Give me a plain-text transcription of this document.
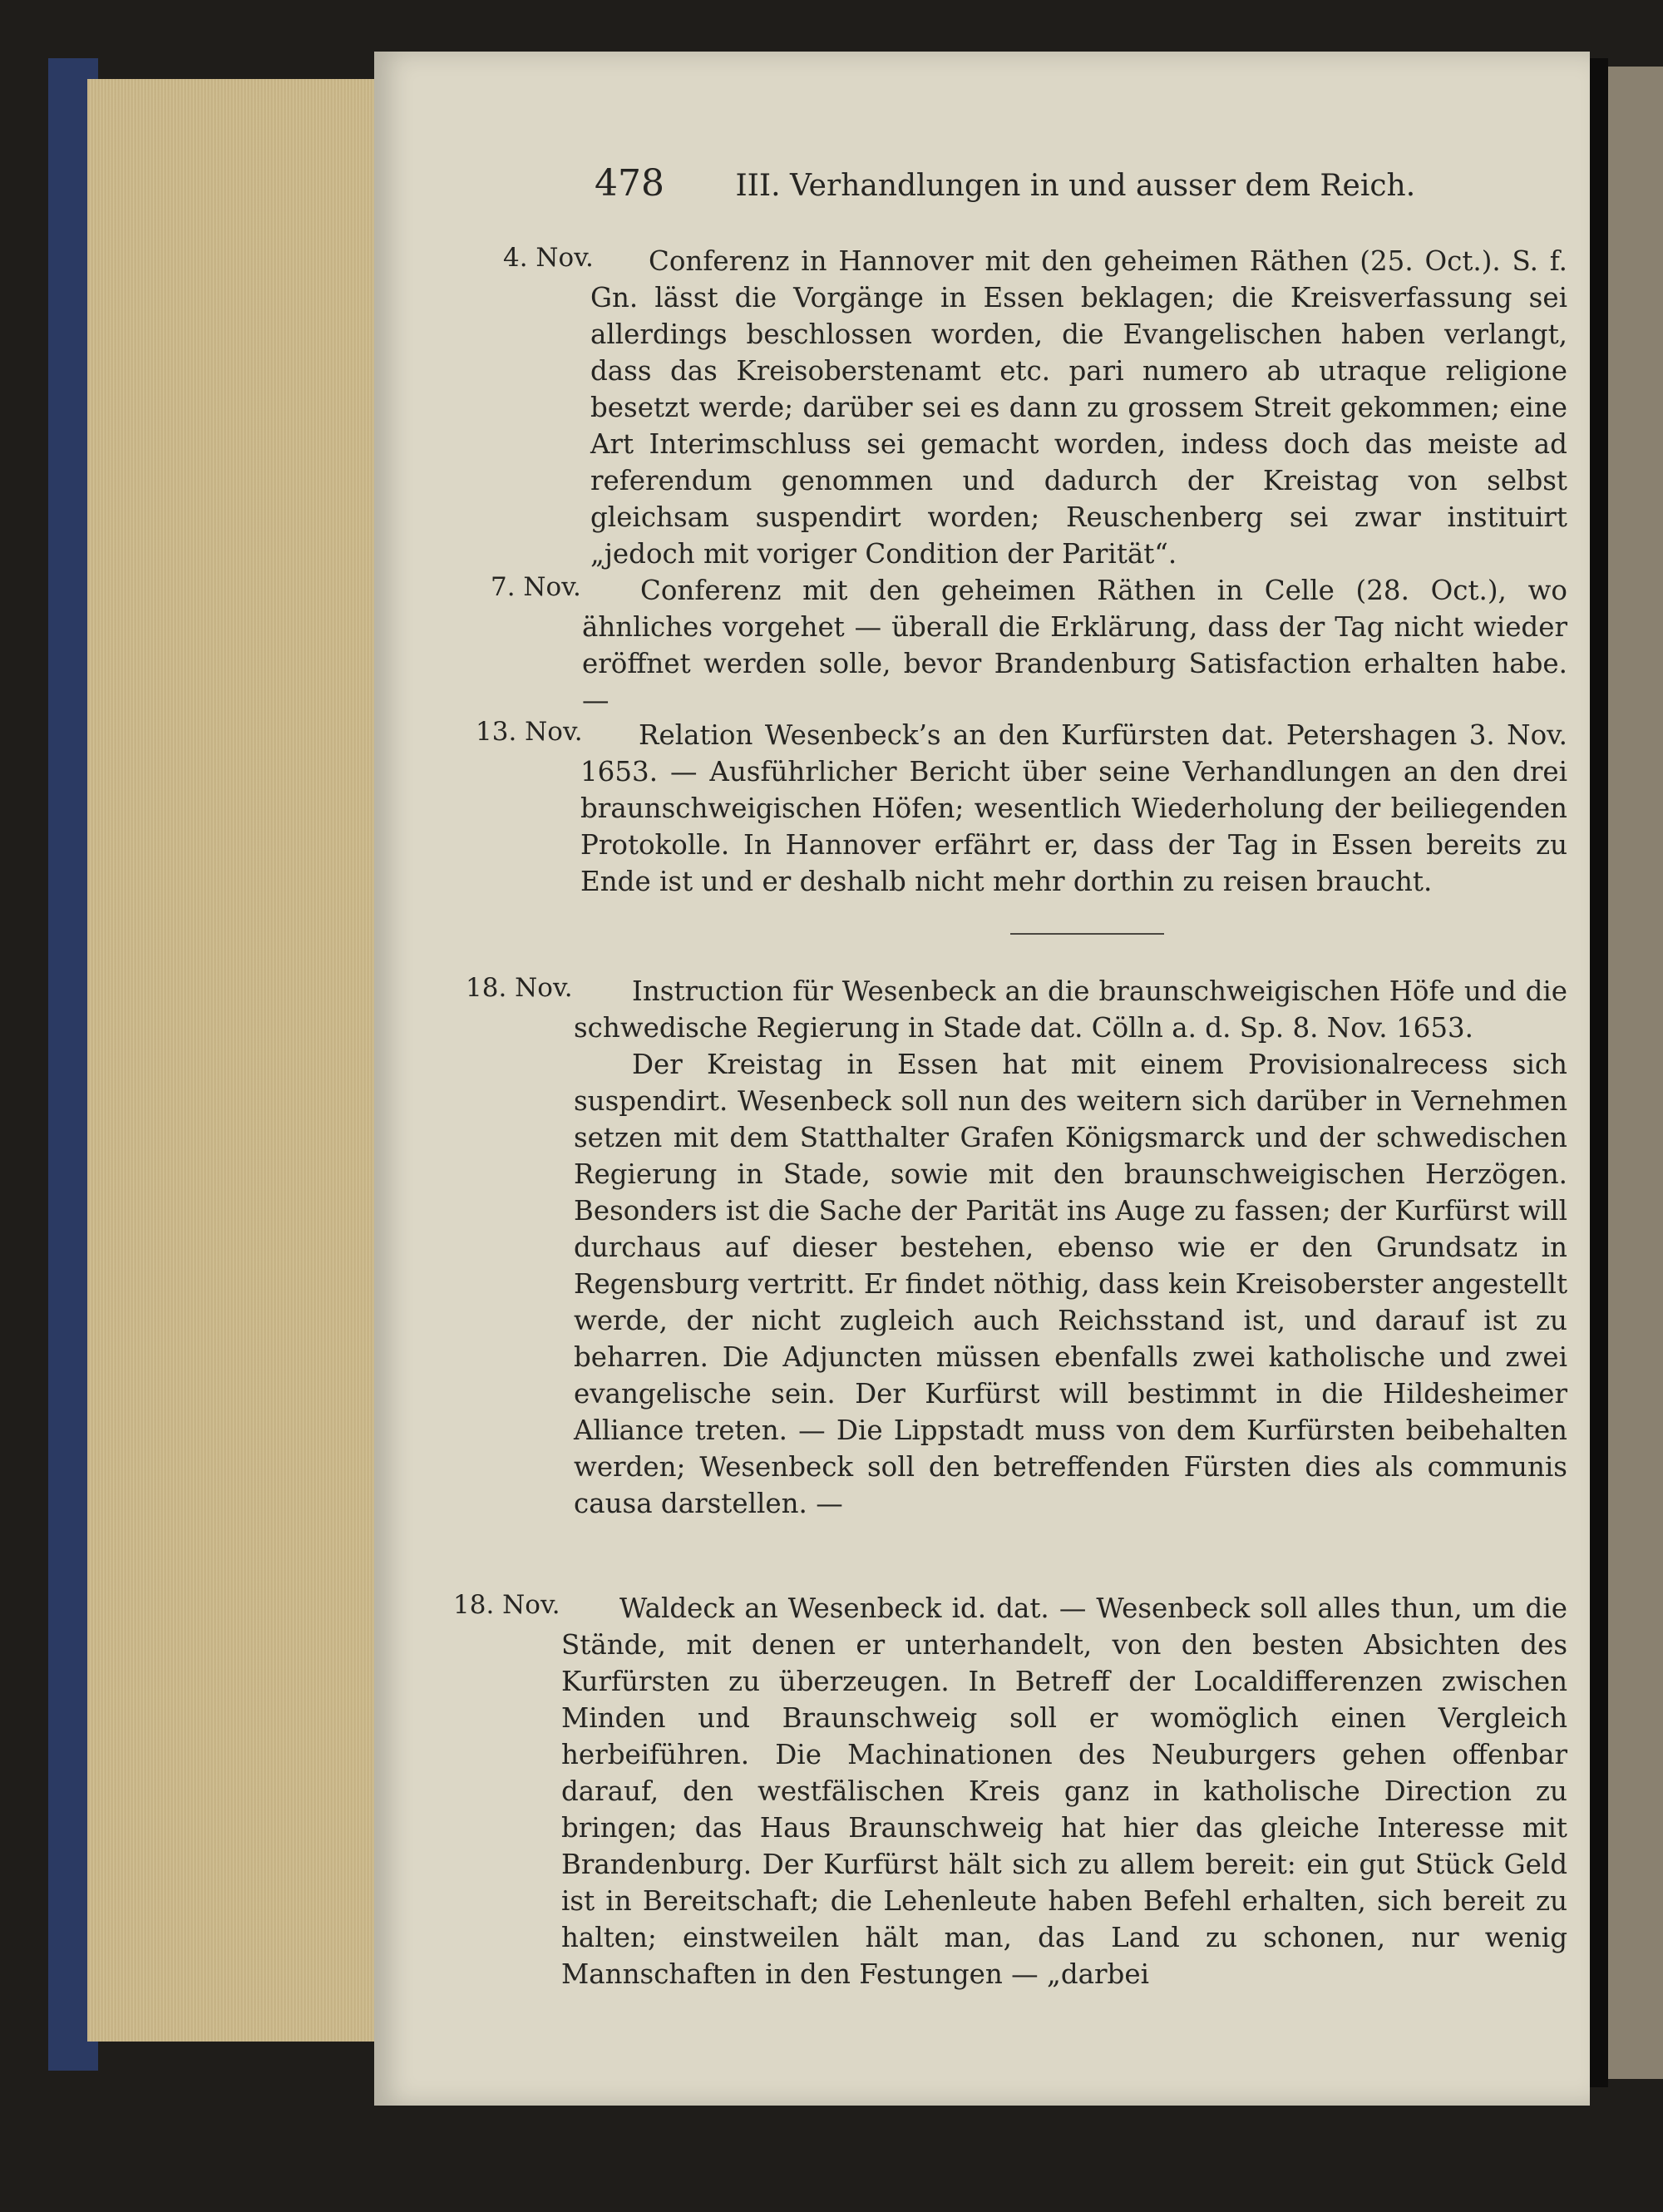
478 III. Verhandlungen in und ausser dem Reich.
4. Nov.	Conferenz in Hannover mit den geheimen Räthen (25. Oct.). S. f. Gn. lässt die Vorgänge in Essen beklagen; die Kreisverfassung sei allerdings beschlossen worden, die Evangelischen haben verlangt, dass das Kreisoberstenamt etc. pari numero ab utraque religione besetzt werde; darüber sei es dann zu grossem Streit gekommen; eine Art Interimschluss sei gemacht worden, indess doch das meiste ad referendum genommen und dadurch der Kreistag von selbst gleichsam suspendirt worden; Reuschenberg sei zwar instituirt „jedoch mit voriger Condition der Parität“.

7. Nov.	Conferenz mit den geheimen Räthen in Celle (28. Oct.), wo ähnliches vorgehet — überall die Erklärung, dass der Tag nicht wieder eröffnet werden solle, bevor Brandenburg Satisfaction erhalten habe. —

13. Nov.	Relation Wesenbeck’s an den Kurfürsten dat. Petershagen 3. Nov. 1653. — Ausführlicher Bericht über seine Verhandlungen an den drei braunschweigischen Höfen; wesentlich Wiederholung der beiliegenden Protokolle. In Hannover erfährt er, dass der Tag in Essen bereits zu Ende ist und er deshalb nicht mehr dorthin zu reisen braucht.

18. Nov.	Instruction für Wesenbeck an die braunschweigischen Höfe und die schwedische Regierung in Stade dat. Cölln a. d. Sp. 8. Nov. 1653.

Der Kreistag in Essen hat mit einem Provisionalrecess sich suspendirt. Wesenbeck soll nun des weitern sich darüber in Vernehmen setzen mit dem Statthalter Grafen Königsmarck und der schwedischen Regierung in Stade, sowie mit den braunschweigischen Herzögen. Besonders ist die Sache der Parität ins Auge zu fassen; der Kurfürst will durchaus auf dieser bestehen, ebenso wie er den Grundsatz in Regensburg vertritt. Er findet nöthig, dass kein Kreisoberster angestellt werde, der nicht zugleich auch Reichsstand ist, und darauf ist zu beharren. Die Adjuncten müssen ebenfalls zwei katholische und zwei evangelische sein. Der Kurfürst will bestimmt in die Hildesheimer Alliance treten. — Die Lippstadt muss von dem Kurfürsten beibehalten werden; Wesenbeck soll den betreffenden Fürsten dies als communis causa darstellen. —

18. Nov.	Waldeck an Wesenbeck id. dat. — Wesenbeck soll alles thun, um die Stände, mit denen er unterhandelt, von den besten Absichten des Kurfürsten zu überzeugen. In Betreff der Localdifferenzen zwischen Minden und Braunschweig soll er womöglich einen Vergleich herbeiführen. Die Machinationen des Neuburgers gehen offenbar darauf, den westfälischen Kreis ganz in katholische Direction zu bringen; das Haus Braunschweig hat hier das gleiche Interesse mit Brandenburg. Der Kurfürst hält sich zu allem bereit: ein gut Stück Geld ist in Bereitschaft; die Lehenleute haben Befehl erhalten, sich bereit zu halten; einstweilen hält man, das Land zu schonen, nur wenig Mannschaften in den Festungen — „darbei
